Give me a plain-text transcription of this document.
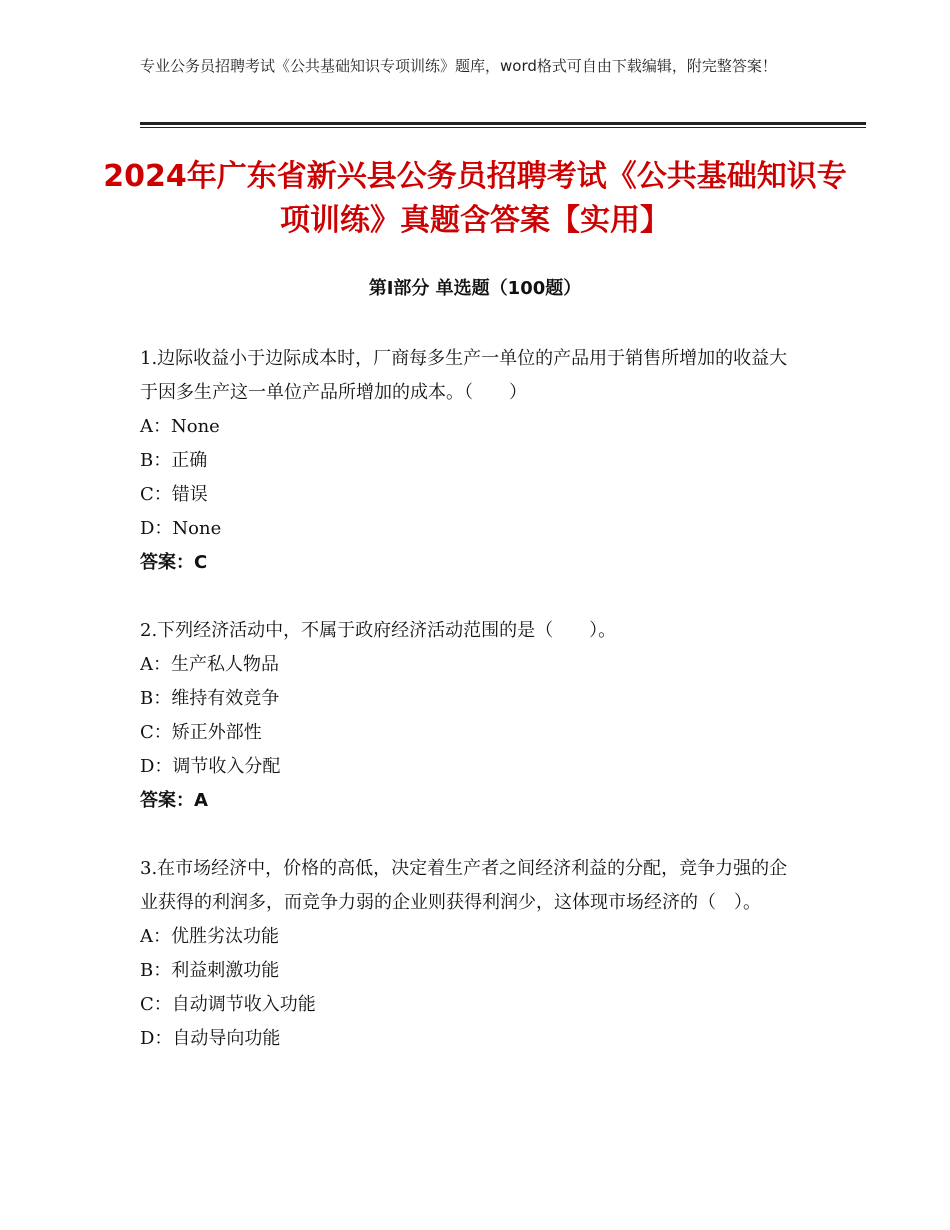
专业公务员招聘考试《公共基础知识专项训练》题库，word格式可自由下载编辑，附完整答案！
2024年广东省新兴县公务员招聘考试《公共基础知识专项训练》真题含答案【实用】
第Ⅰ部分 单选题（100题）

1.边际收益小于边际成本时，厂商每多生产一单位的产品用于销售所增加的收益大于因多生产这一单位产品所增加的成本。（　　）

A：None
B：正确
C：错误
D：None
答案：C

2.下列经济活动中，不属于政府经济活动范围的是（　　）。

A：生产私人物品
B：维持有效竞争
C：矫正外部性
D：调节收入分配
答案：A

3.在市场经济中，价格的高低，决定着生产者之间经济利益的分配，竞争力强的企业获得的利润多，而竞争力弱的企业则获得利润少，这体现市场经济的（　）。

A：优胜劣汰功能
B：利益刺激功能
C：自动调节收入功能
D：自动导向功能
